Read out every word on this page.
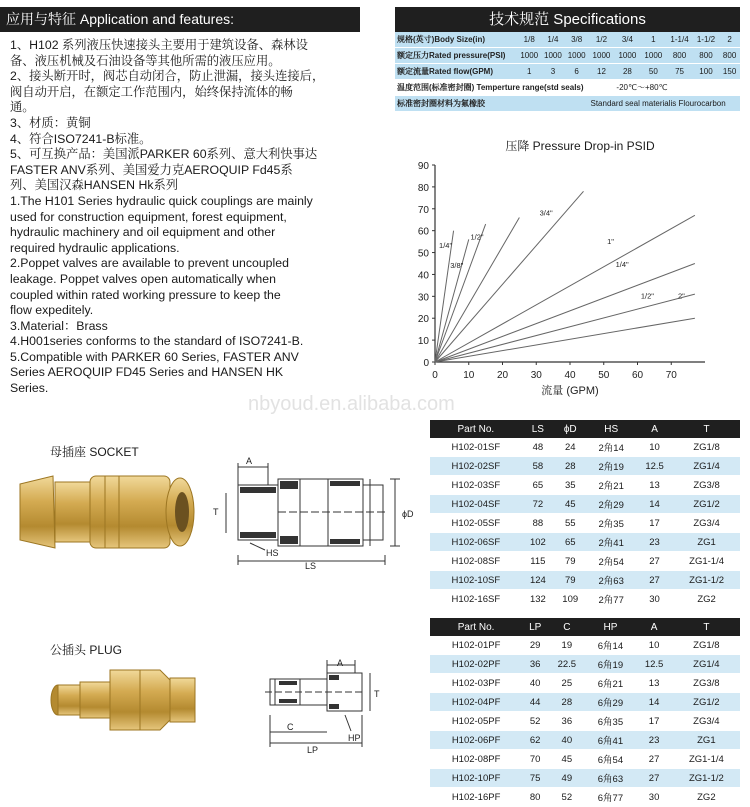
应用与特征 Application and features:
1、H102 系列液压快速接头主要用于建筑设备、森林设
备、液压机械及石油设备等其他所需的液压应用。
2、接头断开时，阀芯自动闭合，防止泄漏，接头连接后，
阀自动开启，在额定工作范围内，始终保持流体的畅
通。
3、材质：黄铜
4、符合ISO7241-B标准。
5、可互换产品：美国派PARKER 60系列、意大利快事达
FASTER ANV系列、美国爱力克AEROQUIP Fd45系
列、美国汉森HANSEN Hk系列
1.The H101 Series hydraulic quick couplings are mainly
used for construction equipment, forest equipment,
hydraulic machinery and oil equipment and other
required hydraulic applications.
2.Poppet valves are available to prevent uncoupled
leakage. Poppet valves open automatically when
coupled within rated working pressure to keep the
flow expeditely.
3.Material：Brass
4.H001series conforms to the standard of ISO7241-B.
5.Compatible with PARKER 60 Series, FASTER ANV
Series AEROQUIP FD45 Series and HANSEN HK
Series.
技术规范 Specifications
规格(英寸)Body Size(in)	1/8	1/4	3/8	1/2	3/4	1	1-1/4	1-1/2	2
额定压力Rated pressure(PSI)	1000	1000	1000	1000	1000	1000	800	800	800
额定流量Rated flow(GPM)	1	3	6	12	28	50	75	100	150
温度范围(标准密封圈) Temperture range(std seals)					-20℃～+80℃				
标准密封圈材料为氟橡胶				Standard seal materialis Flourocarbon					
压降 Pressure Drop-in PSID
0
10
20
30
40
50
60
70
80
90
0	10 20 30 40 50 60 70
1/4"
3/8"
1/2"
3/4"
1"
1/4"
1/2"	2"
流量 (GPM)
nbyoud.en.alibaba.com
母插座 SOCKET
A
T
HS
LS
ϕD
Part No.	LS	ϕD	HS	A	T
H102-01SF	48	24	2角14	10	ZG1/8
H102-02SF	58	28	2角19	12.5	ZG1/4
H102-03SF	65	35	2角21	13	ZG3/8
H102-04SF	72	45	2角29	14	ZG1/2
H102-05SF	88	55	2角35	17	ZG3/4
H102-06SF	102	65	2角41	23	ZG1
H102-08SF	115	79	2角54	27	ZG1-1/4
H102-10SF	124	79	2角63	27	ZG1-1/2
H102-16SF	132	109	2角77	30	ZG2
公插头 PLUG
A
T
HP
LP
C
Part No.	LP	C	HP	A	T
H102-01PF	29	19	6角14	10	ZG1/8
H102-02PF	36	22.5	6角19	12.5	ZG1/4
H102-03PF	40	25	6角21	13	ZG3/8
H102-04PF	44	28	6角29	14	ZG1/2
H102-05PF	52	36	6角35	17	ZG3/4
H102-06PF	62	40	6角41	23	ZG1
H102-08PF	70	45	6角54	27	ZG1-1/4
H102-10PF	75	49	6角63	27	ZG1-1/2
H102-16PF	80	52	6角77	30	ZG2
